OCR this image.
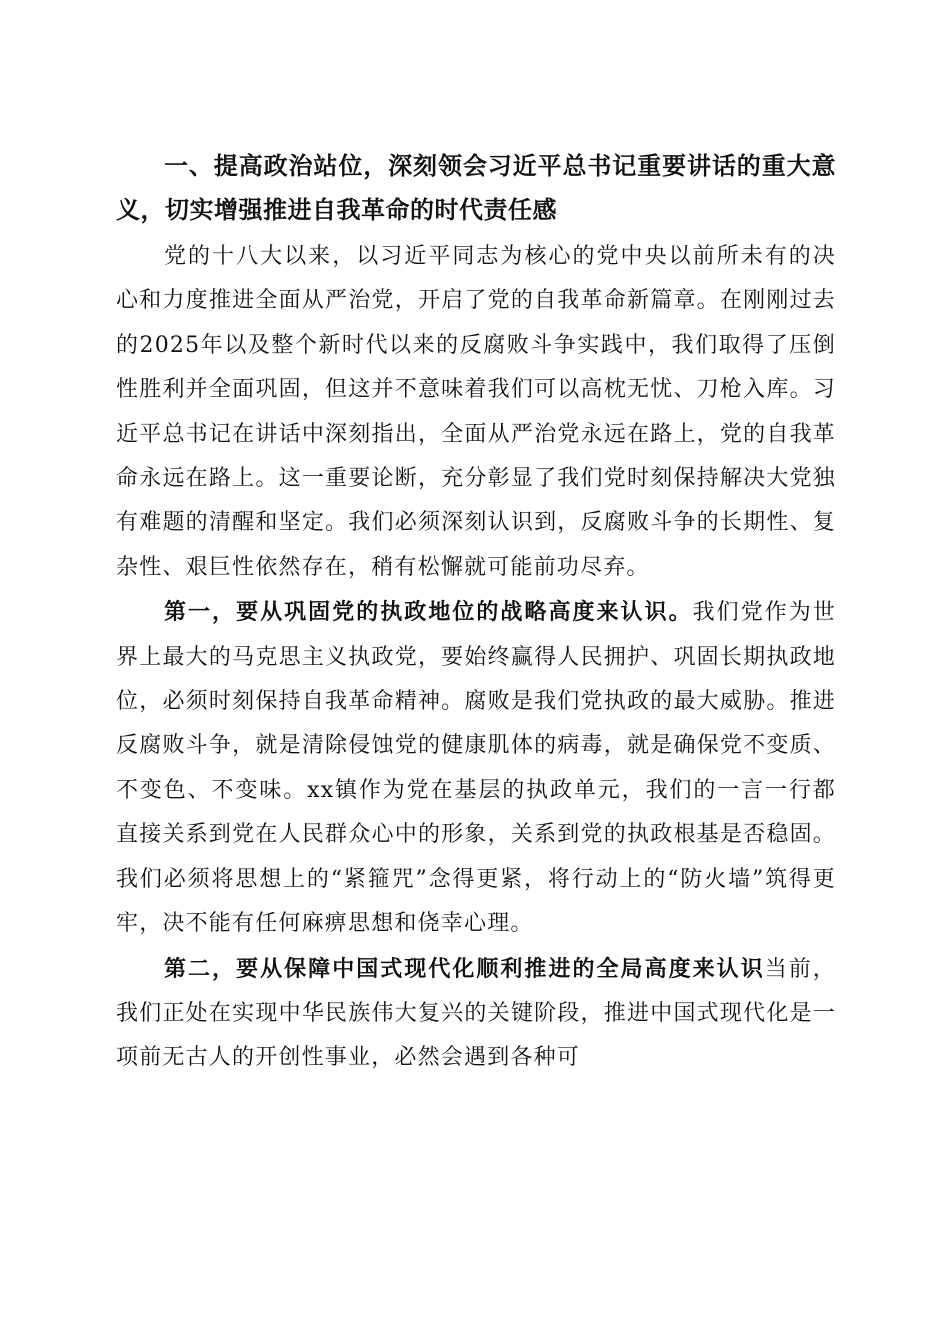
一、提高政治站位，深刻领会习近平总书记重要讲话的重大意义，切实增强推进自我革命的时代责任感

党的十八大以来，以习近平同志为核心的党中央以前所未有的决心和力度推进全面从严治党，开启了党的自我革命新篇章。在刚刚过去的2025年以及整个新时代以来的反腐败斗争实践中，我们取得了压倒性胜利并全面巩固，但这并不意味着我们可以高枕无忧、刀枪入库。习近平总书记在讲话中深刻指出，全面从严治党永远在路上，党的自我革命永远在路上。这一重要论断，充分彰显了我们党时刻保持解决大党独有难题的清醒和坚定。我们必须深刻认识到，反腐败斗争的长期性、复杂性、艰巨性依然存在，稍有松懈就可能前功尽弃。

第一，要从巩固党的执政地位的战略高度来认识。我们党作为世界上最大的马克思主义执政党，要始终赢得人民拥护、巩固长期执政地位，必须时刻保持自我革命精神。腐败是我们党执政的最大威胁。推进反腐败斗争，就是清除侵蚀党的健康肌体的病毒，就是确保党不变质、不变色、不变味。xx镇作为党在基层的执政单元，我们的一言一行都直接关系到党在人民群众心中的形象，关系到党的执政根基是否稳固。我们必须将思想上的“紧箍咒”念得更紧，将行动上的“防火墙”筑得更牢，决不能有任何麻痹思想和侥幸心理。

第二，要从保障中国式现代化顺利推进的全局高度来认识当前，我们正处在实现中华民族伟大复兴的关键阶段，推进中国式现代化是一项前无古人的开创性事业，必然会遇到各种可
